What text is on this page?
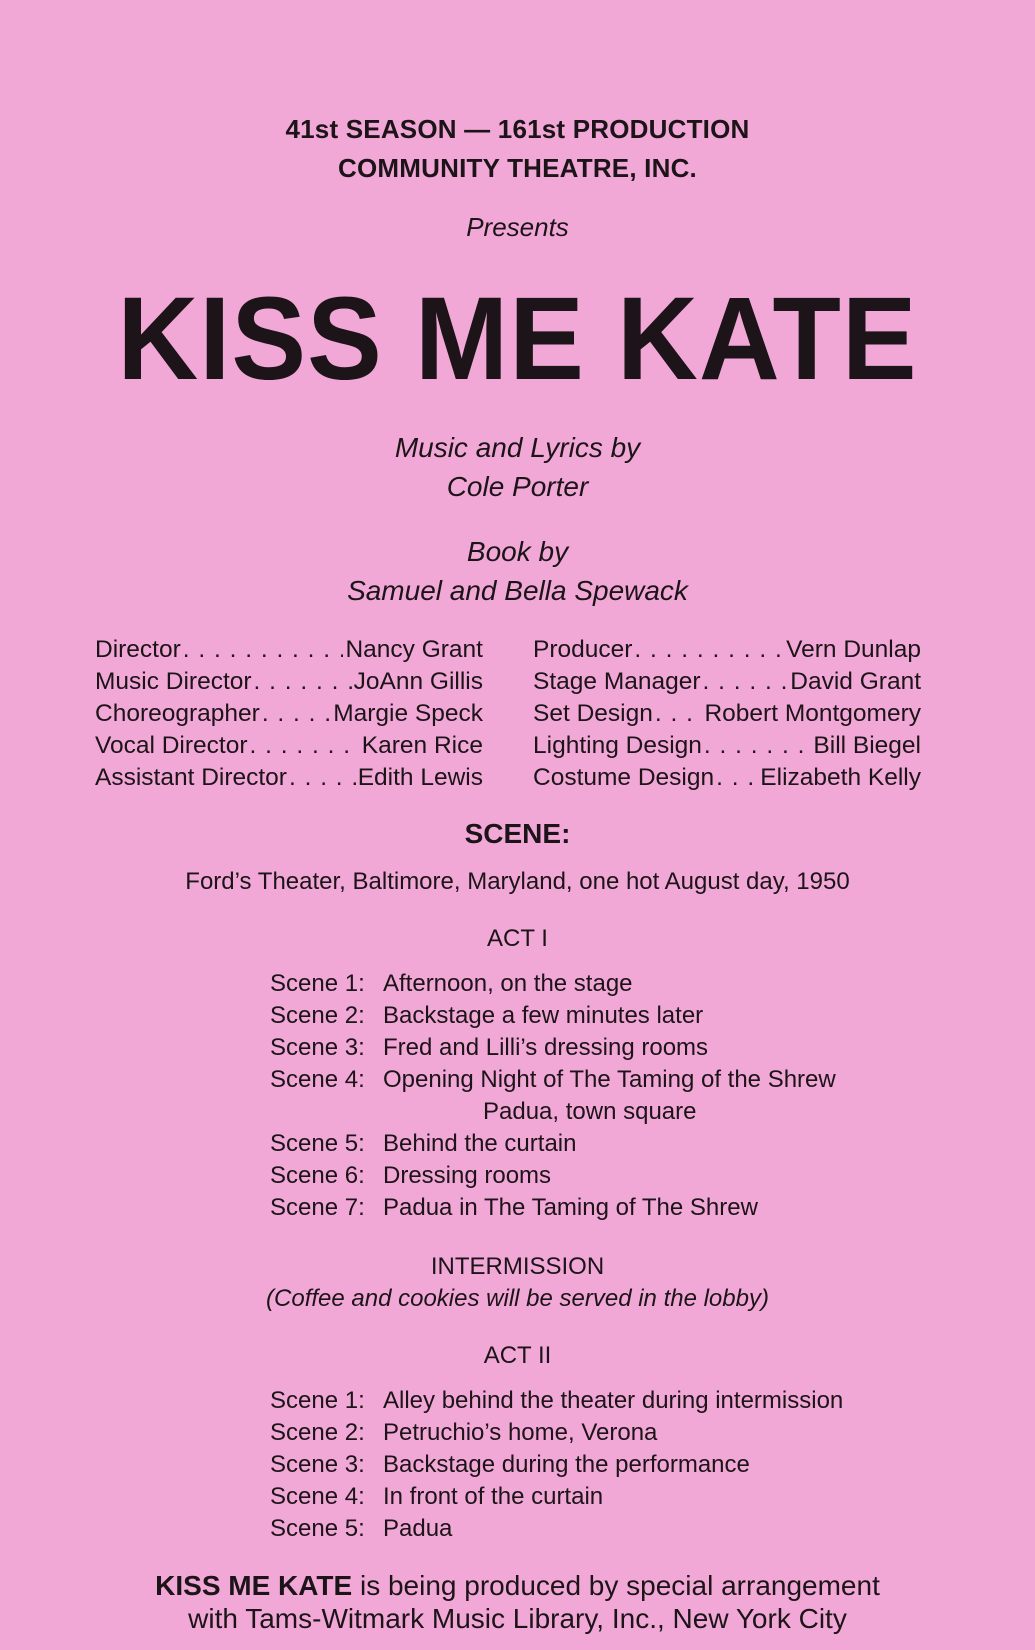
41st SEASON — 161st PRODUCTION
COMMUNITY THEATRE, INC.
Presents
KISS ME KATE
Music and Lyrics by
Cole Porter
Book by
Samuel and Bella Spewack
Director . . .	Nancy Grant
Music Director . . .	JoAnn Gillis
Choreographer . . .	Margie Speck
Vocal Director . . .	Karen Rice
Assistant Director . . .	Edith Lewis
Producer . . .	Vern Dunlap
Stage Manager . . .	David Grant
Set Design . . . Robert Montgomery
Lighting Design . . .	Bill Biegel
Costume Design . . . Elizabeth Kelly
SCENE:
Ford’s Theater, Baltimore, Maryland, one hot August day, 1950
ACT I
Scene 1: Afternoon, on the stage
Scene 2: Backstage a few minutes later
Scene 3: Fred and Lilli’s dressing rooms
Scene 4: Opening Night of The Taming of the Shrew
Padua, town square
Scene 5: Behind the curtain
Scene 6: Dressing rooms
Scene 7: Padua in The Taming of The Shrew
INTERMISSION
(Coffee and cookies will be served in the lobby)
ACT II
Scene 1: Alley behind the theater during intermission
Scene 2: Petruchio’s home, Verona
Scene 3: Backstage during the performance
Scene 4: In front of the curtain
Scene 5: Padua
KISS ME KATE is being produced by special arrangement
with Tams-Witmark Music Library, Inc., New York City
